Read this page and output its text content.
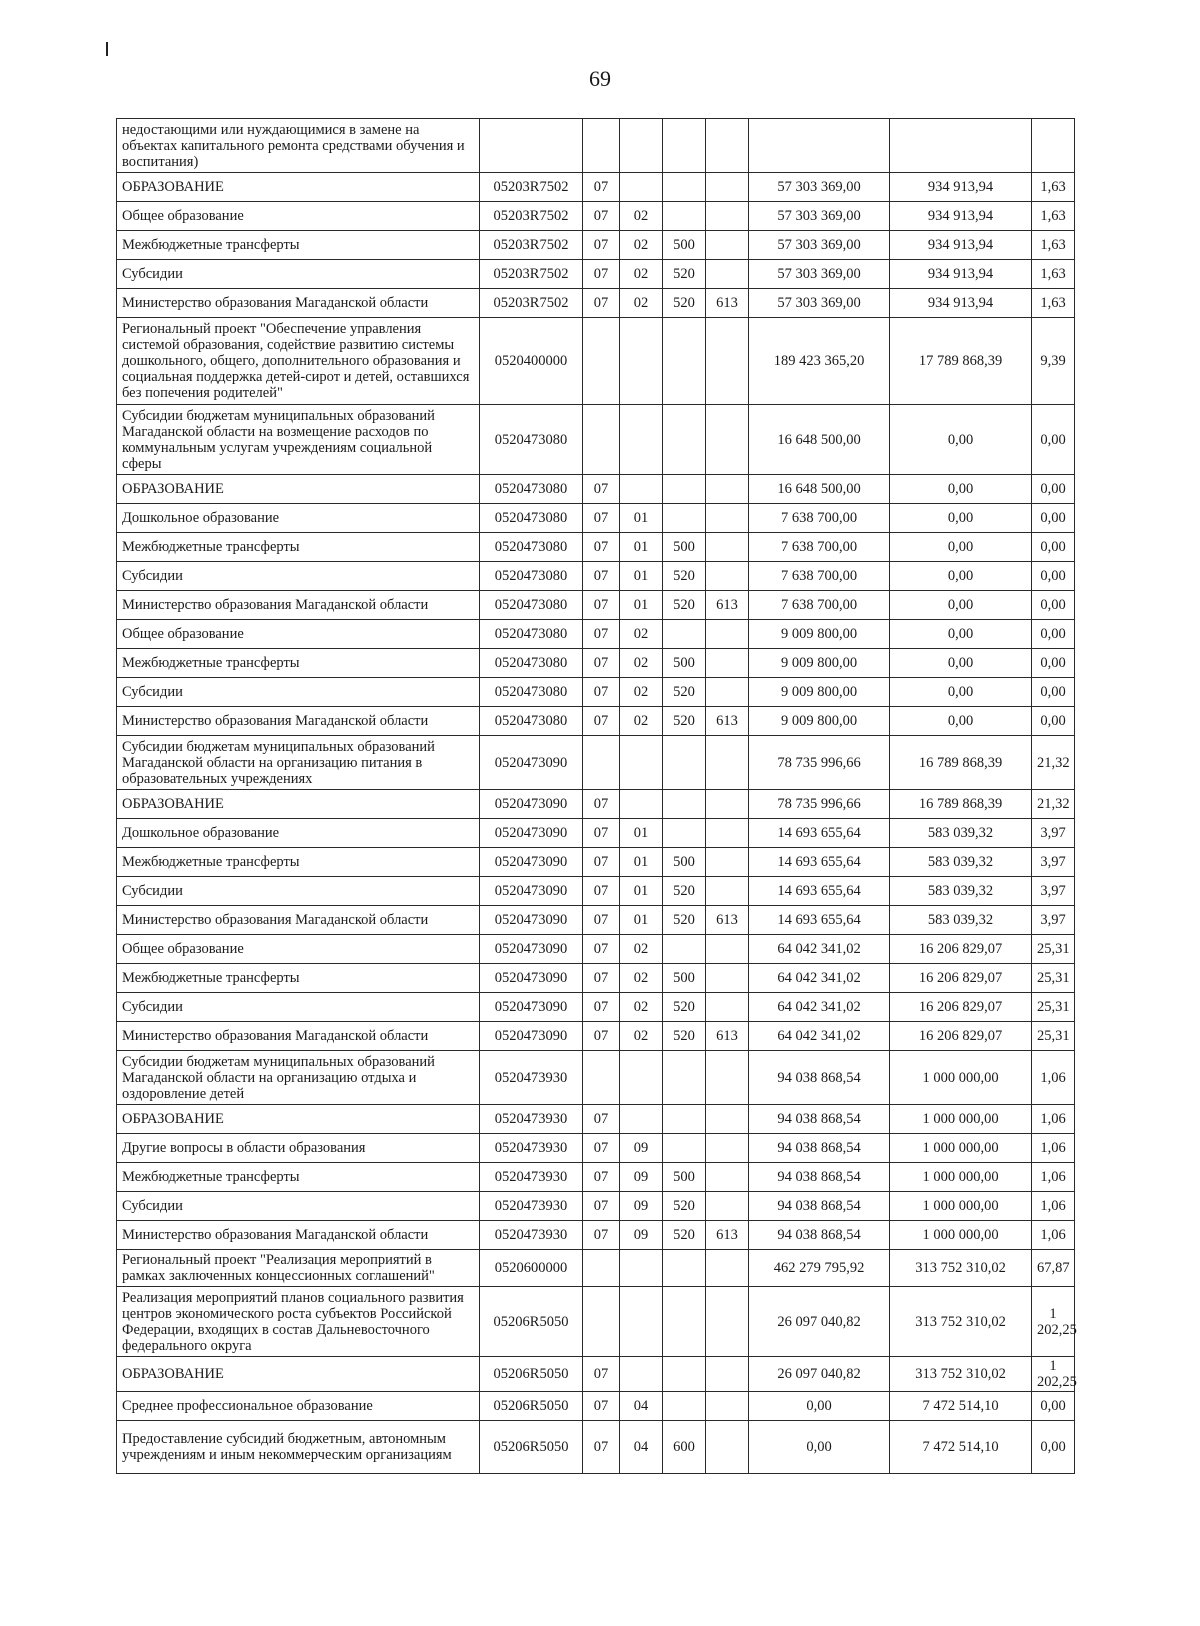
69
недостающими или нуждающимися в замене на объектах капитального ремонта средствами обучения и воспитания)								
ОБРАЗОВАНИЕ	05203R7502	07				57 303 369,00	934 913,94	1,63
Общее образование	05203R7502	07	02			57 303 369,00	934 913,94	1,63
Межбюджетные трансферты	05203R7502	07	02	500		57 303 369,00	934 913,94	1,63
Субсидии	05203R7502	07	02	520		57 303 369,00	934 913,94	1,63
Министерство образования Магаданской области	05203R7502	07	02	520	613	57 303 369,00	934 913,94	1,63
Региональный проект "Обеспечение управления системой образования, содействие развитию системы дошкольного, общего, дополнительного образования и социальная поддержка детей-сирот и детей, оставшихся без попечения родителей"	0520400000					189 423 365,20	17 789 868,39	9,39
Субсидии бюджетам муниципальных образований Магаданской области на возмещение расходов по коммунальным услугам учреждениям социальной сферы	0520473080					16 648 500,00	0,00	0,00
ОБРАЗОВАНИЕ	0520473080	07				16 648 500,00	0,00	0,00
Дошкольное образование	0520473080	07	01			7 638 700,00	0,00	0,00
Межбюджетные трансферты	0520473080	07	01	500		7 638 700,00	0,00	0,00
Субсидии	0520473080	07	01	520		7 638 700,00	0,00	0,00
Министерство образования Магаданской области	0520473080	07	01	520	613	7 638 700,00	0,00	0,00
Общее образование	0520473080	07	02			9 009 800,00	0,00	0,00
Межбюджетные трансферты	0520473080	07	02	500		9 009 800,00	0,00	0,00
Субсидии	0520473080	07	02	520		9 009 800,00	0,00	0,00
Министерство образования Магаданской области	0520473080	07	02	520	613	9 009 800,00	0,00	0,00
Субсидии бюджетам муниципальных образований Магаданской области на организацию питания в образовательных учреждениях	0520473090					78 735 996,66	16 789 868,39	21,32
ОБРАЗОВАНИЕ	0520473090	07				78 735 996,66	16 789 868,39	21,32
Дошкольное образование	0520473090	07	01			14 693 655,64	583 039,32	3,97
Межбюджетные трансферты	0520473090	07	01	500		14 693 655,64	583 039,32	3,97
Субсидии	0520473090	07	01	520		14 693 655,64	583 039,32	3,97
Министерство образования Магаданской области	0520473090	07	01	520	613	14 693 655,64	583 039,32	3,97
Общее образование	0520473090	07	02			64 042 341,02	16 206 829,07	25,31
Межбюджетные трансферты	0520473090	07	02	500		64 042 341,02	16 206 829,07	25,31
Субсидии	0520473090	07	02	520		64 042 341,02	16 206 829,07	25,31
Министерство образования Магаданской области	0520473090	07	02	520	613	64 042 341,02	16 206 829,07	25,31
Субсидии бюджетам муниципальных образований Магаданской области на организацию отдыха и оздоровление детей	0520473930					94 038 868,54	1 000 000,00	1,06
ОБРАЗОВАНИЕ	0520473930	07				94 038 868,54	1 000 000,00	1,06
Другие вопросы в области образования	0520473930	07	09			94 038 868,54	1 000 000,00	1,06
Межбюджетные трансферты	0520473930	07	09	500		94 038 868,54	1 000 000,00	1,06
Субсидии	0520473930	07	09	520		94 038 868,54	1 000 000,00	1,06
Министерство образования Магаданской области	0520473930	07	09	520	613	94 038 868,54	1 000 000,00	1,06
Региональный проект "Реализация мероприятий в рамках заключенных концессионных соглашений"	0520600000					462 279 795,92	313 752 310,02	67,87
Реализация мероприятий планов социального развития центров экономического роста субъектов Российской Федерации, входящих в состав Дальневосточного федерального округа	05206R5050					26 097 040,82	313 752 310,02	1 202,25
ОБРАЗОВАНИЕ	05206R5050	07				26 097 040,82	313 752 310,02	1 202,25
Среднее профессиональное образование	05206R5050	07	04			0,00	7 472 514,10	0,00
Предоставление субсидий бюджетным, автономным учреждениям и иным некоммерческим организациям	05206R5050	07	04	600		0,00	7 472 514,10	0,00
